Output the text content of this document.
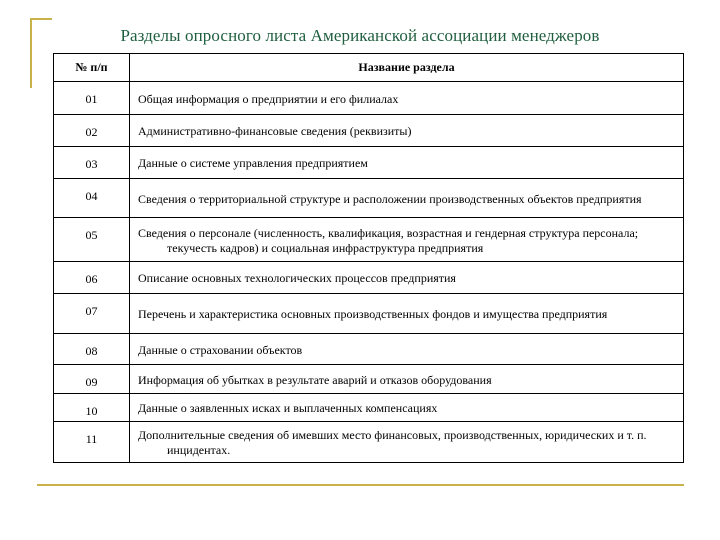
Разделы опросного листа Американской ассоциации менеджеров
№ п/п	Название раздела
01	Общая информация о предприятии и его филиалах

02	Административно-финансовые сведения (реквизиты)

03	Данные о системе управления предприятием

04	Сведения о территориальной структуре и расположении производственных объектов предприятия

05	Сведения о персонале (численность, квалификация, возрастная и гендерная структура персонала; текучесть кадров) и социальная инфраструктура предприятия

06	Описание основных технологических процессов предприятия

07	Перечень и характеристика основных производственных фондов и имущества предприятия

08	Данные о страховании объектов

09	Информация об убытках в результате аварий и отказов оборудования

10	Данные о заявленных исках и выплаченных компенсациях

11	Дополнительные сведения об имевших место финансовых, производственных, юридических и т. п. инцидентах.
